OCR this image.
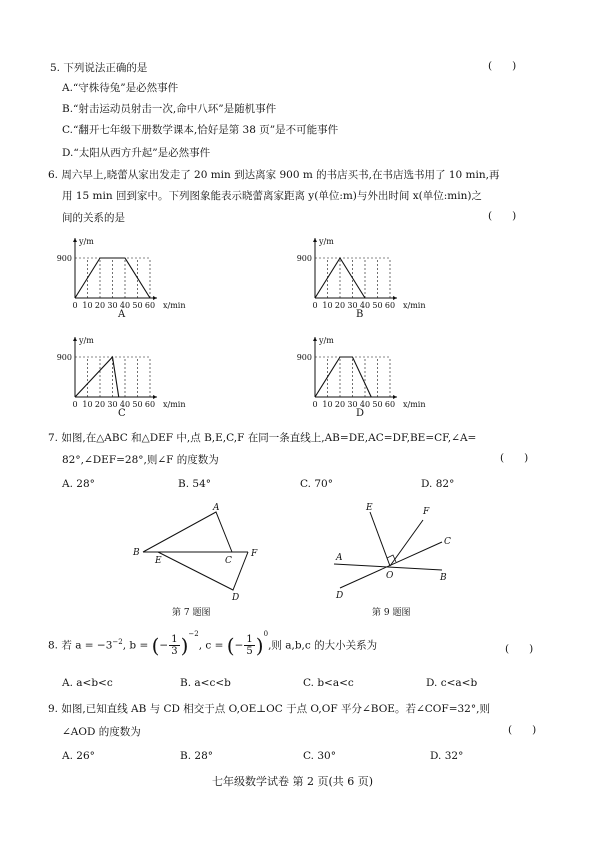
5. 下列说法正确的是	(      )
A.“守株待兔”是必然事件
B.“射击运动员射击一次,命中八环”是随机事件
C.“翻开七年级下册数学课本,恰好是第 38 页”是不可能事件
D.“太阳从西方升起”是必然事件
6. 周六早上,晓蕾从家出发走了 20 min 到达离家 900 m 的书店买书,在书店选书用了 10 min,再
用 15 min 回到家中。下列图象能表示晓蕾离家距离 y(单位:m)与外出时间 x(单位:min)之
间的关系的是	(      )
y/m
900
0 10 20 30 40 50 60 x/min
A
y/m
900
0 10 20 30 40 50 60 x/min
B
y/m
900
0 10 20 30 40 50 60 x/min
C
y/m
900
0 10 20 30 40 50 60 x/min
D
7. 如图,在△ABC 和△DEF 中,点 B,E,C,F 在同一条直线上,AB=DE,AC=DF,BE=CF,∠A=
82°,∠DEF=28°,则∠F 的度数为	(      )
A. 28°	B. 54°	C. 70°	D. 82°
A
B
E	C
F
D
第 7 题图
E	F
C
A
O	B
D
第 9 题图
8. 若 $a = -3^{-2}$, b = (− $\frac{1}{3} )^{-2}$, c = (− $\frac{1}{5} )^0$,则 a,b,c 的大小关系为	(      )
A. a<b<c	B. a<c<b	C. b<a<c	D. c<a<b
9. 如图,已知直线 AB 与 CD 相交于点 O,OE⊥OC 于点 O,OF 平分∠BOE。若∠COF=32°,则
∠AOD 的度数为	(      )
A. 26°	B. 28°	C. 30°	D. 32°
七年级数学试卷 第 2 页(共 6 页)
